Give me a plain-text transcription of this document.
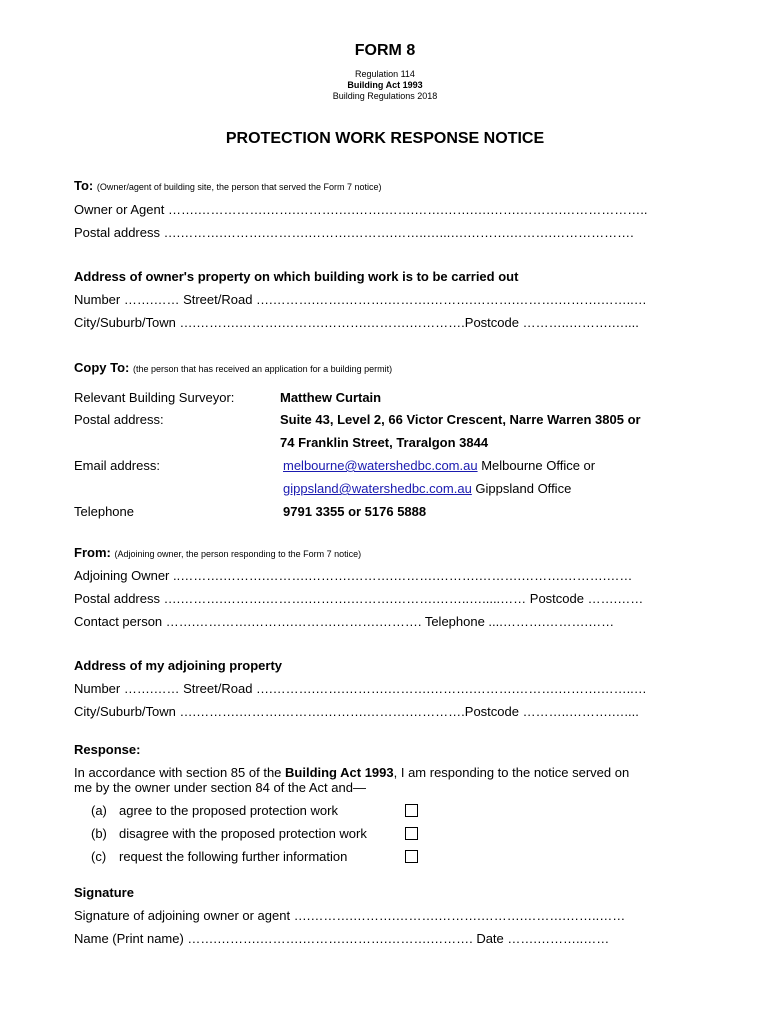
FORM 8
Regulation 114
Building Act 1993
Building Regulations 2018
PROTECTION WORK RESPONSE NOTICE
To: (Owner/agent of building site, the person that served the Form 7 notice)
Owner or Agent …….…………….…….……….….…….…….…….…….….…….……….………………..
Postal address ….……….……….……….……….……….……..…...….……….……….……………….
Address of owner's property on which building work is to be carried out
Number …….…… Street/Road ….……….…….……….……….……….……….……….……….……..…
City/Suburb/Town ….……….……….……….……….……….………….Postcode ………..……….…....
Copy To: (the person that has received an application for a building permit)
Relevant Building Surveyor:	Matthew Curtain
Postal address:	Suite 43, Level 2, 66 Victor Crescent, Narre Warren 3805 or
74 Franklin Street, Traralgon 3844
Email address:	melbourne@watershedbc.com.au Melbourne Office or
gippsland@watershedbc.com.au Gippsland Office
Telephone	9791 3355 or 5176 5888
From: (Adjoining owner, the person responding to the Form 7 notice)
Adjoining Owner ..……….……….……….……….……….……….……….……….……….……….……
Postal address ….……….……….……….……….……….……….……..….....…… Postcode …….……
Contact person …….………….……….……….……….………. Telephone ....……….……….……
Address of my adjoining property
Number …….…… Street/Road ….……….…….……….……….……….……….……….……….……..…
City/Suburb/Town ….……….……….……….……….……….………….Postcode ………..……….…....
Response:
In accordance with section 85 of the Building Act 1993, I am responding to the notice served on
me by the owner under section 84 of the Act and—
(a) agree to the proposed protection work
(b) disagree with the proposed protection work
(c) request the following further information
Signature
Signature of adjoining owner or agent ….……….……….……….……….……….……….……..……
Name (Print name) …….……….……….……….……….……….………. Date …….………..……
